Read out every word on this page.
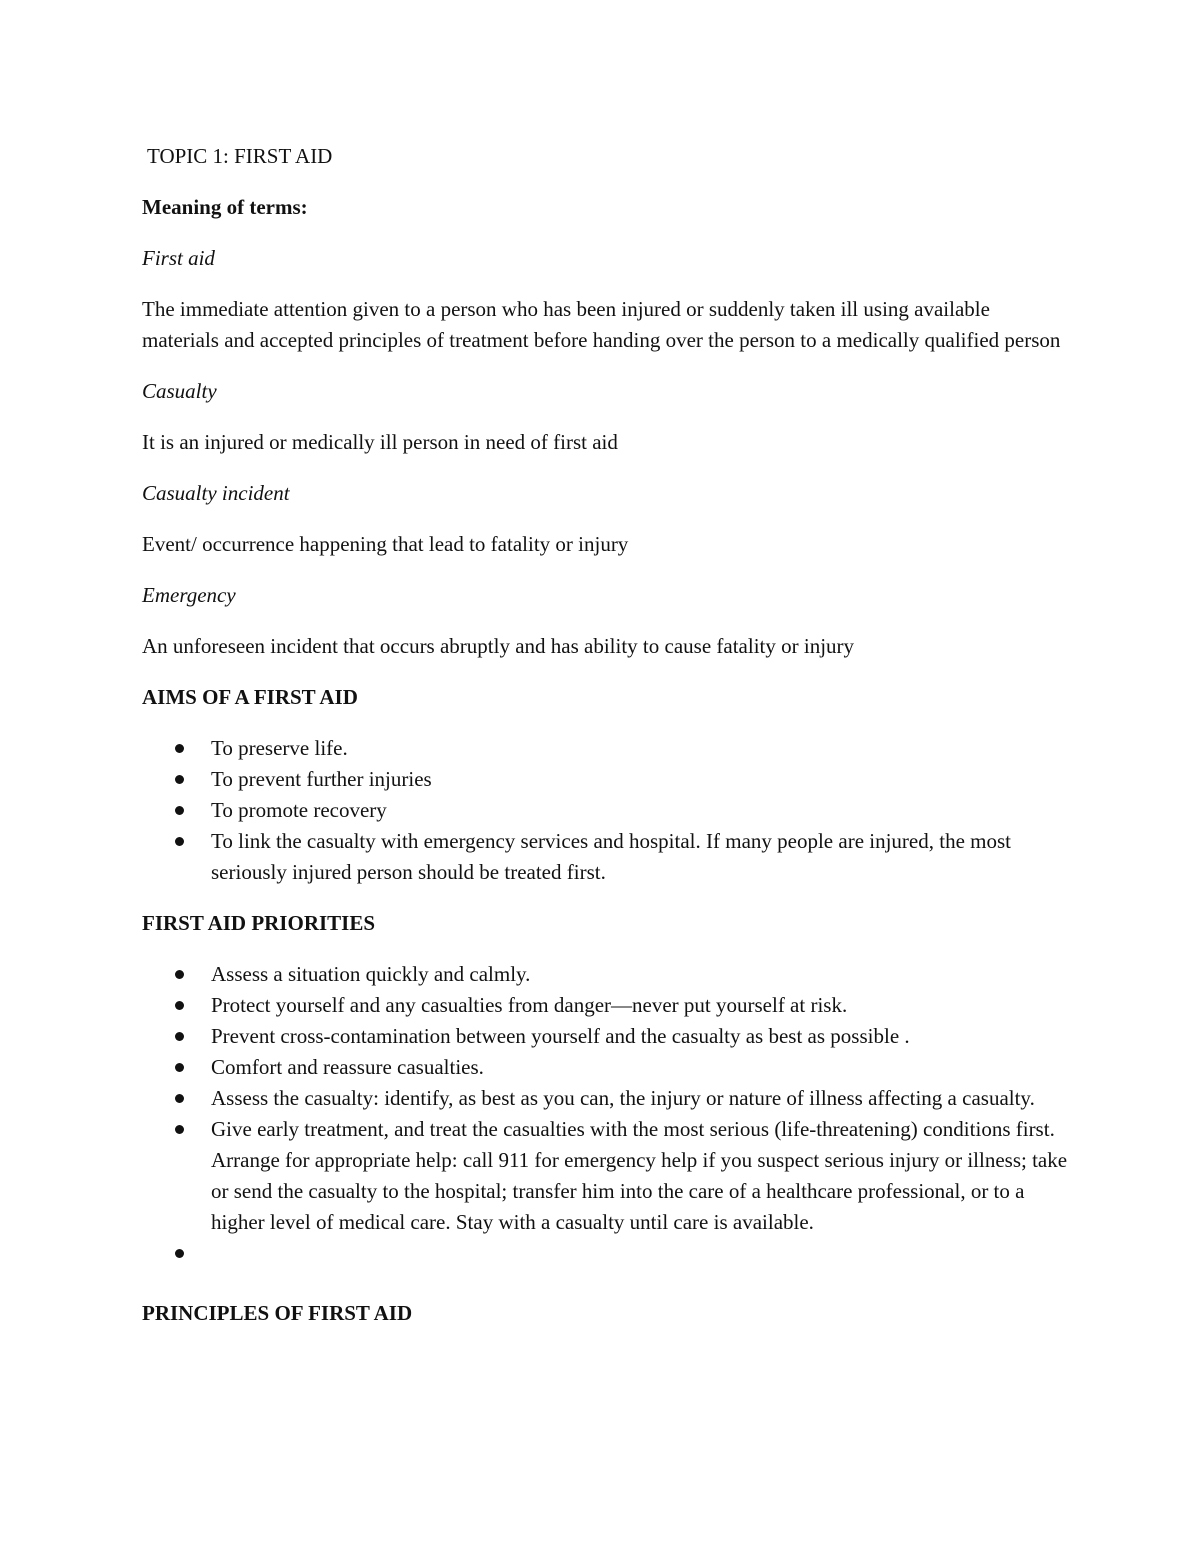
TOPIC 1: FIRST AID
Meaning of terms:
First aid
The immediate attention given to a person who has been injured or suddenly taken ill using available materials and accepted principles of treatment before handing over the person to a medically qualified person
Casualty
It is an injured or medically ill person in need of first aid
Casualty incident
Event/ occurrence happening that lead to fatality or injury
Emergency
An unforeseen incident that occurs abruptly and has ability to cause fatality or injury
AIMS OF A FIRST AID
To preserve life.
To prevent further injuries
To promote recovery
To link the casualty with emergency services and hospital. If many people are injured, the most seriously injured person should be treated first.
FIRST AID PRIORITIES
Assess a situation quickly and calmly.
Protect yourself and any casualties from danger—never put yourself at risk.
Prevent cross-contamination between yourself and the casualty as best as possible .
Comfort and reassure casualties.
Assess the casualty: identify, as best as you can, the injury or nature of illness affecting a casualty.
Give early treatment, and treat the casualties with the most serious (life-threatening) conditions first. Arrange for appropriate help: call 911 for emergency help if you suspect serious injury or illness; take or send the casualty to the hospital; transfer him into the care of a healthcare professional, or to a higher level of medical care. Stay with a casualty until care is available.
PRINCIPLES OF FIRST AID
